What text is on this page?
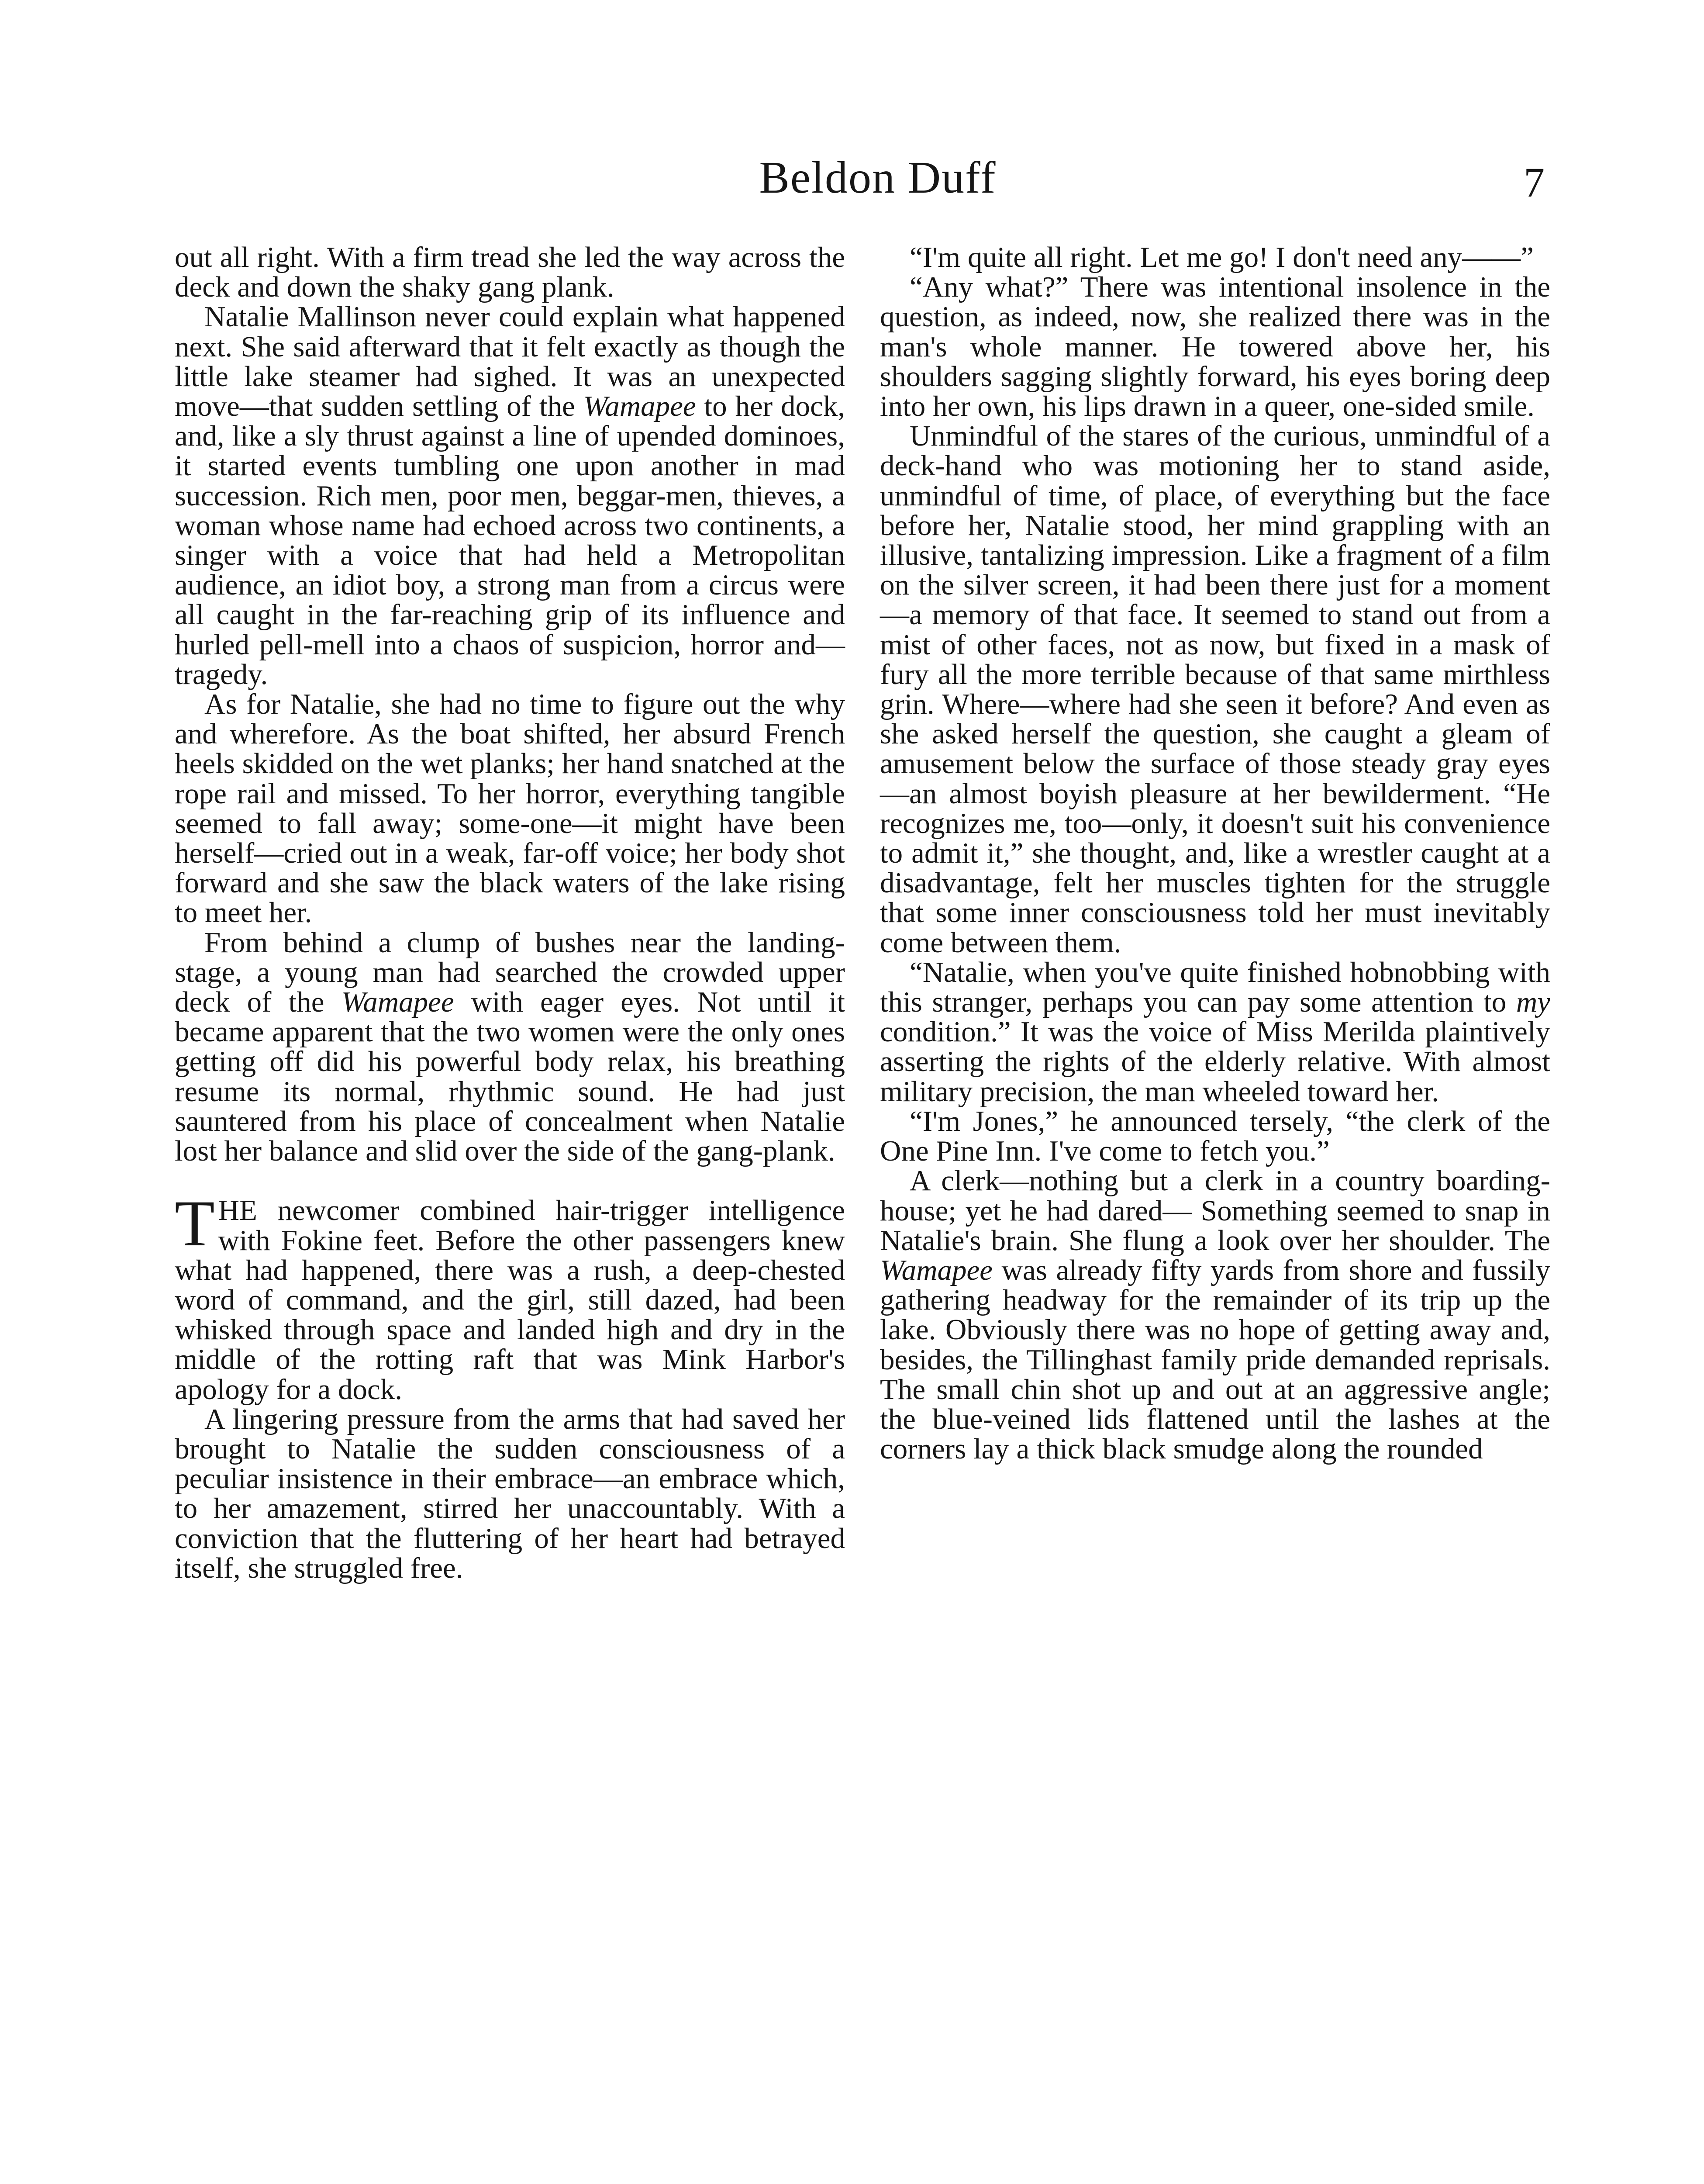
Beldon Duff	7

out all right. With a firm tread she led the way across the deck and down the shaky gang plank.

Natalie Mallinson never could explain what happened next. She said afterward that it felt exactly as though the little lake steamer had sighed. It was an unexpected move—that sudden settling of the Wamapee to her dock, and, like a sly thrust against a line of upended dominoes, it started events tumbling one upon another in mad succession. Rich men, poor men, beggar-men, thieves, a woman whose name had echoed across two continents, a singer with a voice that had held a Metropolitan audience, an idiot boy, a strong man from a circus were all caught in the far-reaching grip of its influence and hurled pell-mell into a chaos of suspicion, horror and—tragedy.

As for Natalie, she had no time to figure out the why and wherefore. As the boat shifted, her absurd French heels skidded on the wet planks; her hand snatched at the rope rail and missed. To her horror, everything tangible seemed to fall away; some-one—it might have been herself—cried out in a weak, far-off voice; her body shot forward and she saw the black waters of the lake rising to meet her.

From behind a clump of bushes near the landing-stage, a young man had searched the crowded upper deck of the Wamapee with eager eyes. Not until it became apparent that the two women were the only ones getting off did his powerful body relax, his breathing resume its normal, rhythmic sound. He had just sauntered from his place of concealment when Natalie lost her balance and slid over the side of the gang-plank.

THE newcomer combined hair-trigger intelligence with Fokine feet. Before the other passengers knew what had happened, there was a rush, a deep-chested word of command, and the girl, still dazed, had been whisked through space and landed high and dry in the middle of the rotting raft that was Mink Harbor's apology for a dock.

A lingering pressure from the arms that had saved her brought to Natalie the sudden consciousness of a peculiar insistence in their embrace—an embrace which, to her amazement, stirred her unaccountably. With a conviction that the fluttering of her heart had betrayed itself, she struggled free.

“I'm quite all right. Let me go! I don't need any——”

“Any what?” There was intentional insolence in the question, as indeed, now, she realized there was in the man's whole manner. He towered above her, his shoulders sagging slightly forward, his eyes boring deep into her own, his lips drawn in a queer, one-sided smile.

Unmindful of the stares of the curious, unmindful of a deck-hand who was motioning her to stand aside, unmindful of time, of place, of everything but the face before her, Natalie stood, her mind grappling with an illusive, tantalizing impression. Like a fragment of a film on the silver screen, it had been there just for a moment—a memory of that face. It seemed to stand out from a mist of other faces, not as now, but fixed in a mask of fury all the more terrible because of that same mirthless grin. Where—where had she seen it before? And even as she asked herself the question, she caught a gleam of amusement below the surface of those steady gray eyes —an almost boyish pleasure at her bewilderment. “He recognizes me, too—only, it doesn't suit his convenience to admit it,” she thought, and, like a wrestler caught at a disadvantage, felt her muscles tighten for the struggle that some inner consciousness told her must inevitably come between them.

“Natalie, when you've quite finished hobnobbing with this stranger, perhaps you can pay some attention to my condition.” It was the voice of Miss Merilda plaintively asserting the rights of the elderly relative. With almost military precision, the man wheeled toward her.

“I'm Jones,” he announced tersely, “the clerk of the One Pine Inn. I've come to fetch you.”

A clerk—nothing but a clerk in a country boarding-house; yet he had dared— Something seemed to snap in Natalie's brain. She flung a look over her shoulder. The Wamapee was already fifty yards from shore and fussily gathering headway for the remainder of its trip up the lake. Obviously there was no hope of getting away and, besides, the Tillinghast family pride demanded reprisals. The small chin shot up and out at an aggressive angle; the blue-veined lids flattened until the lashes at the corners lay a thick black smudge along the rounded
